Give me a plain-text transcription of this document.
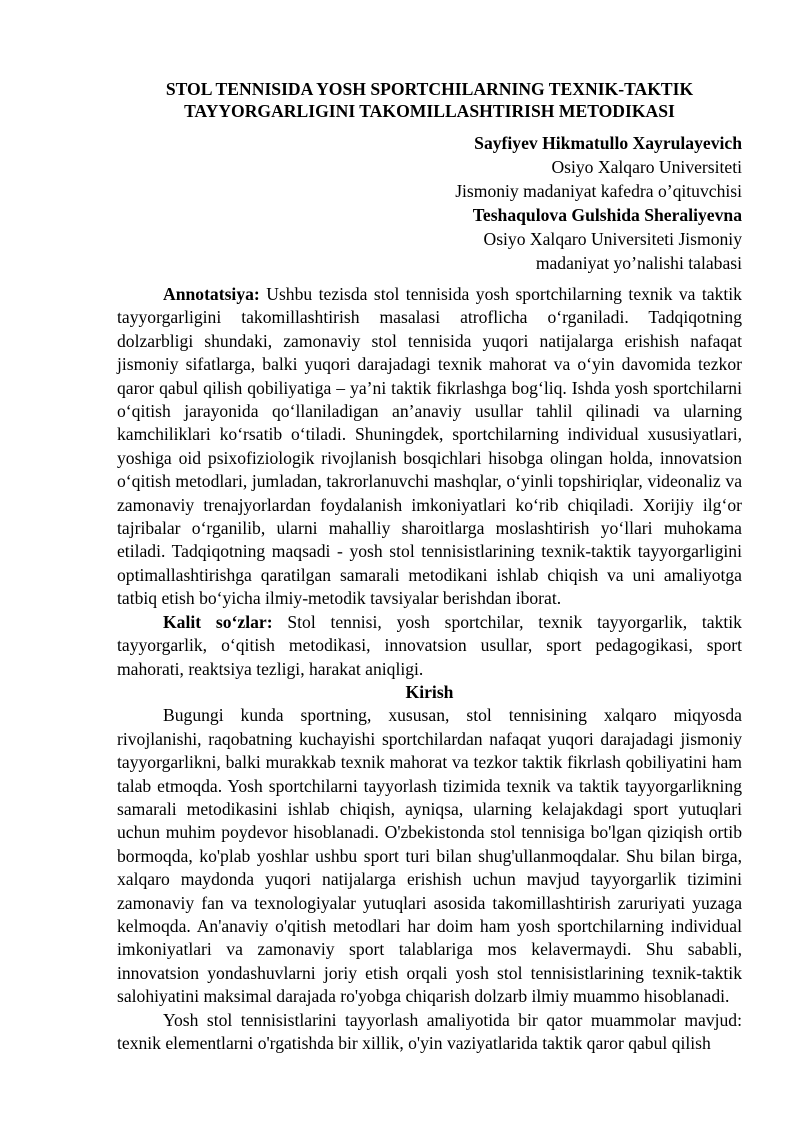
STOL TENNISIDA YOSH SPORTCHILARNING TEXNIK-TAKTIK
TAYYORGARLIGINI TAKOMILLASHTIRISH METODIKASI
Sayfiyev Hikmatullo Xayrulayevich
Osiyo Xalqaro Universiteti
Jismoniy madaniyat kafedra o’qituvchisi
Teshaqulova Gulshida Sheraliyevna
Osiyo Xalqaro Universiteti Jismoniy madaniyat yo’nalishi talabasi

Annotatsiya: Ushbu tezisda stol tennisida yosh sportchilarning texnik va taktik tayyorgarligini takomillashtirish masalasi atroflicha o‘rganiladi. Tadqiqotning dolzarbligi shundaki, zamonaviy stol tennisida yuqori natijalarga erishish nafaqat jismoniy sifatlarga, balki yuqori darajadagi texnik mahorat va o‘yin davomida tezkor qaror qabul qilish qobiliyatiga – ya’ni taktik fikrlashga bog‘liq. Ishda yosh sportchilarni o‘qitish jarayonida qo‘llaniladigan an’anaviy usullar tahlil qilinadi va ularning kamchiliklari ko‘rsatib o‘tiladi. Shuningdek, sportchilarning individual xususiyatlari, yoshiga oid psixofiziologik rivojlanish bosqichlari hisobga olingan holda, innovatsion o‘qitish metodlari, jumladan, takrorlanuvchi mashqlar, o‘yinli topshiriqlar, videonaliz va zamonaviy trenajyorlardan foydalanish imkoniyatlari ko‘rib chiqiladi. Xorijiy ilg‘or tajribalar o‘rganilib, ularni mahalliy sharoitlarga moslashtirish yo‘llari muhokama etiladi. Tadqiqotning maqsadi - yosh stol tennisistlarining texnik-taktik tayyorgarligini optimallashtirishga qaratilgan samarali metodikani ishlab chiqish va uni amaliyotga tatbiq etish bo‘yicha ilmiy-metodik tavsiyalar berishdan iborat.

Kalit so‘zlar: Stol tennisi, yosh sportchilar, texnik tayyorgarlik, taktik tayyorgarlik, o‘qitish metodikasi, innovatsion usullar, sport pedagogikasi, sport mahorati, reaktsiya tezligi, harakat aniqligi.

Kirish

Bugungi kunda sportning, xususan, stol tennisining xalqaro miqyosda rivojlanishi, raqobatning kuchayishi sportchilardan nafaqat yuqori darajadagi jismoniy tayyorgarlikni, balki murakkab texnik mahorat va tezkor taktik fikrlash qobiliyatini ham talab etmoqda. Yosh sportchilarni tayyorlash tizimida texnik va taktik tayyorgarlikning samarali metodikasini ishlab chiqish, ayniqsa, ularning kelajakdagi sport yutuqlari uchun muhim poydevor hisoblanadi. O'zbekistonda stol tennisiga bo'lgan qiziqish ortib bormoqda, ko'plab yoshlar ushbu sport turi bilan shug'ullanmoqdalar. Shu bilan birga, xalqaro maydonda yuqori natijalarga erishish uchun mavjud tayyorgarlik tizimini zamonaviy fan va texnologiyalar yutuqlari asosida takomillashtirish zaruriyati yuzaga kelmoqda. An'anaviy o'qitish metodlari har doim ham yosh sportchilarning individual imkoniyatlari va zamonaviy sport talablariga mos kelavermaydi. Shu sababli, innovatsion yondashuvlarni joriy etish orqali yosh stol tennisistlarining texnik-taktik salohiyatini maksimal darajada ro'yobga chiqarish dolzarb ilmiy muammo hisoblanadi.

Yosh stol tennisistlarini tayyorlash amaliyotida bir qator muammolar mavjud: texnik elementlarni o'rgatishda bir xillik, o'yin vaziyatlarida taktik qaror qabul qilish
